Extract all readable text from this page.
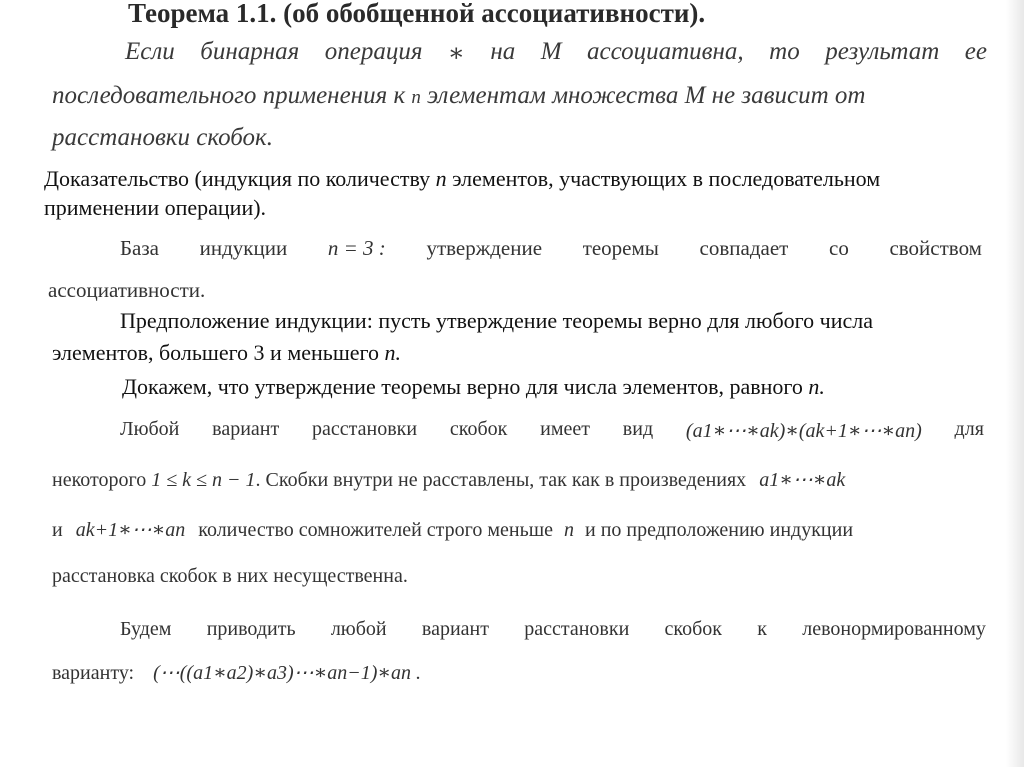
Теорема 1.1. (об обобщенной ассоциативности).
Если бинарная операция ∗ на M ассоциативна, то результат ее
последовательного применения к n элементам множества М не зависит от
расстановки скобок.
Доказательство (индукция по количеству n элементов, участвующих в последовательном
применении операции).
База индукции n = 3 : утверждение теоремы совпадает со свойством
ассоциативности.
Предположение индукции: пусть утверждение теоремы верно для любого числа
элементов, большего 3 и меньшего n.
Докажем, что утверждение теоремы верно для числа элементов, равного n.
Любой вариант расстановки скобок имеет вид (a1∗⋯∗ak)∗(ak+1∗⋯∗an) для
некоторого 1 ≤ k ≤ n − 1. Скобки внутри не расставлены, так как в произведениях a1∗⋯∗ak
и ak+1∗⋯∗an количество сомножителей строго меньше n и по предположению индукции
расстановка скобок в них несущественна.
Будем приводить любой вариант расстановки скобок к левонормированному
варианту: (⋯((a1∗a2)∗a3)⋯∗an−1)∗an .
